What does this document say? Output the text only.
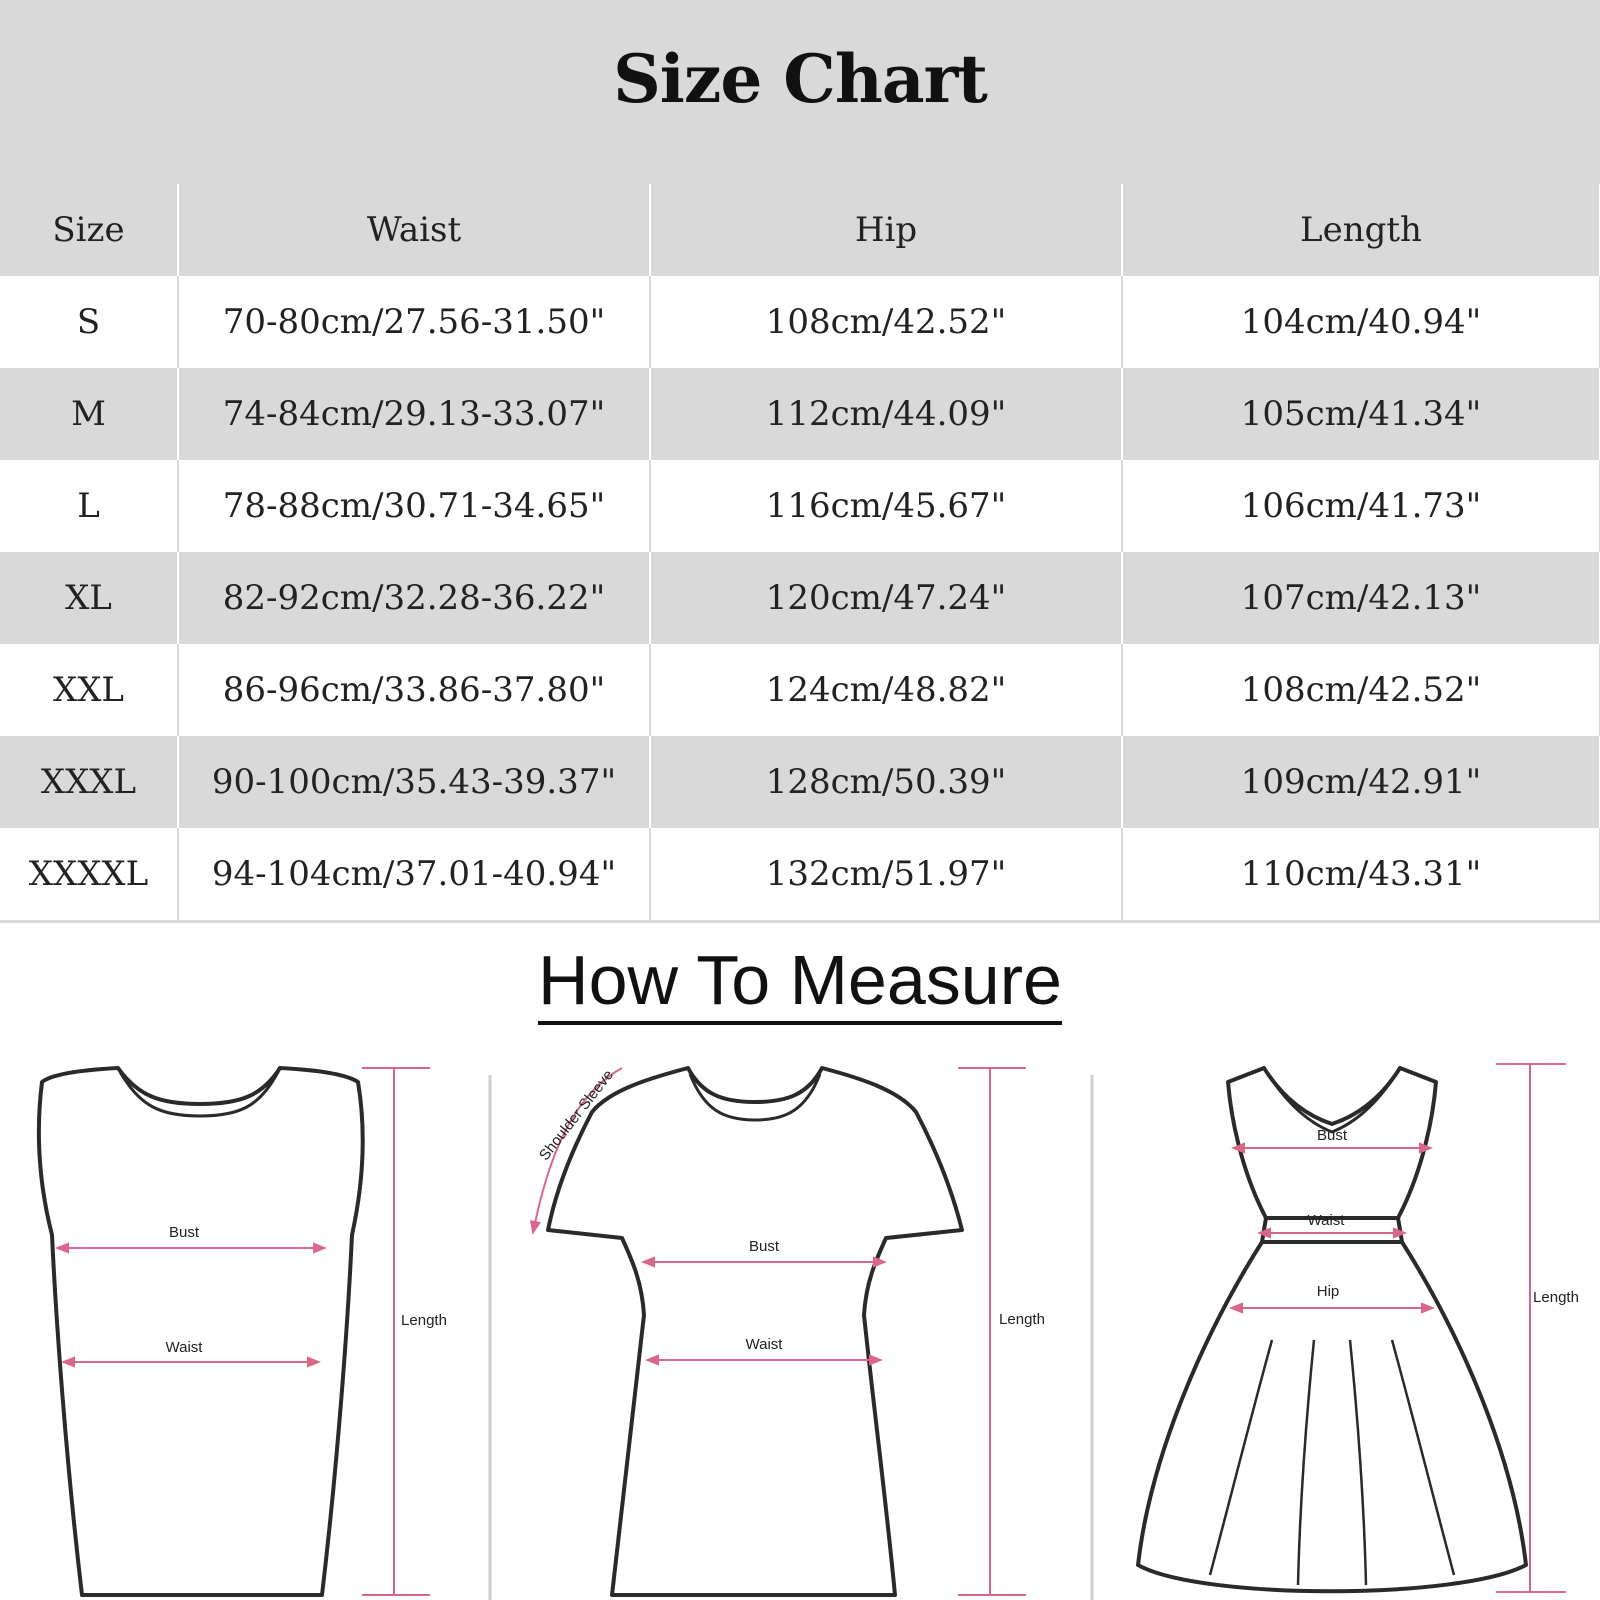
Size Chart
Size	Waist	Hip	Length
S	70-80cm/27.56-31.50"	108cm/42.52"	104cm/40.94"
M	74-84cm/29.13-33.07"	112cm/44.09"	105cm/41.34"
L	78-88cm/30.71-34.65"	116cm/45.67"	106cm/41.73"
XL	82-92cm/32.28-36.22"	120cm/47.24"	107cm/42.13"
XXL	86-96cm/33.86-37.80"	124cm/48.82"	108cm/42.52"
XXXL	90-100cm/35.43-39.37"	128cm/50.39"	109cm/42.91"
XXXXL	94-104cm/37.01-40.94"	132cm/51.97"	110cm/43.31"
How To Measure
Bust
Waist
Length
Shoulder Sleeve
Bust
Waist
Length
Bust
Waist
Hip	Length
